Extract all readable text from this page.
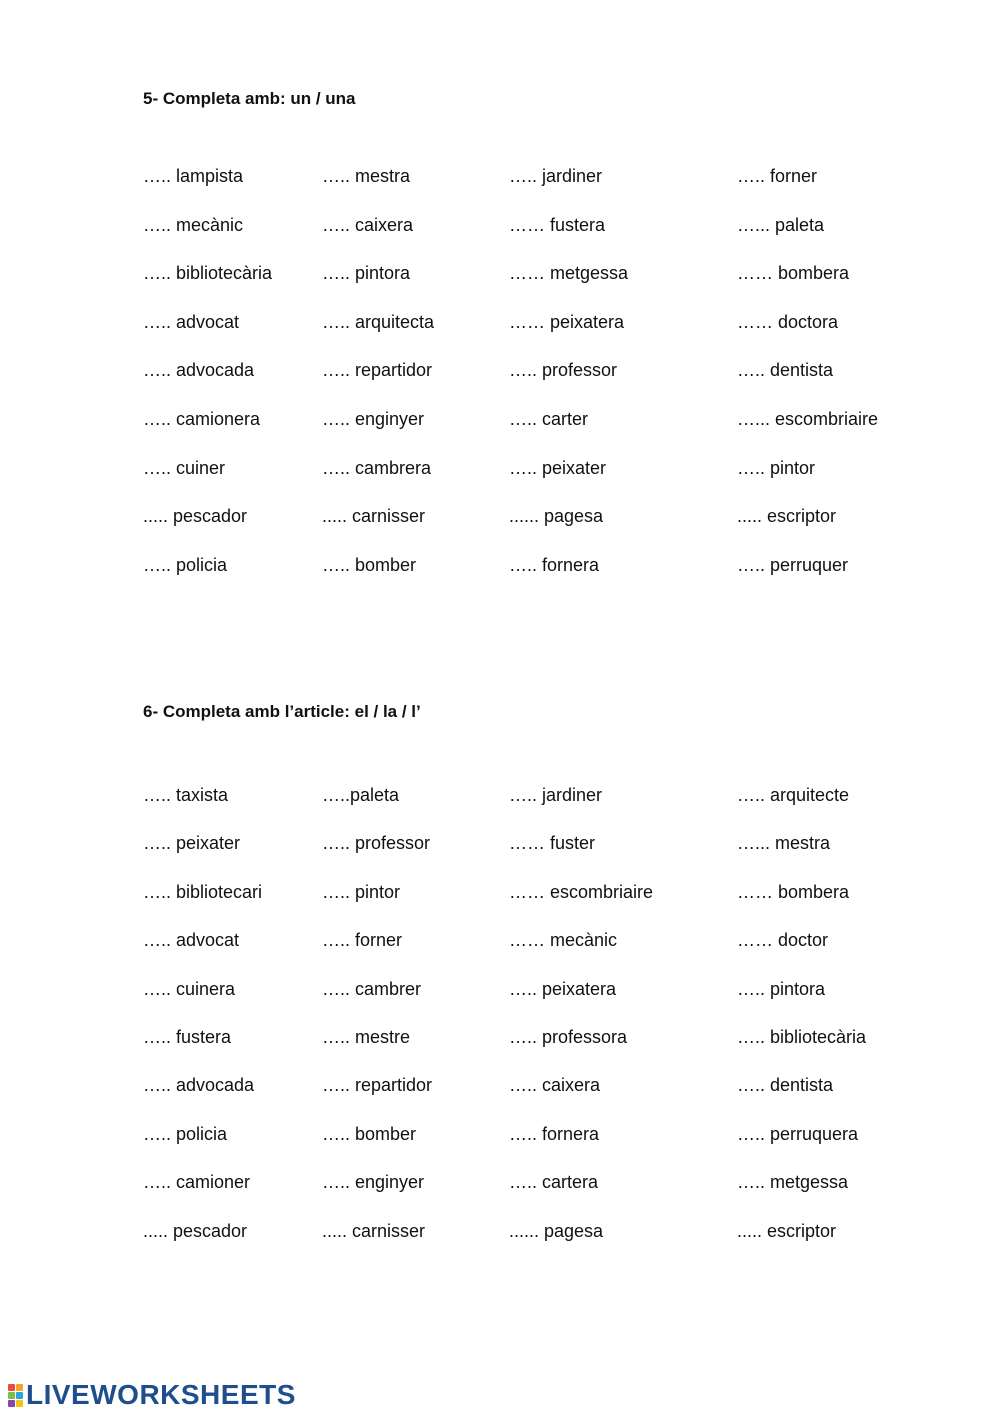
5- Completa amb: un / una
….. lampista	….. mestra	….. jardiner	….. forner
….. mecànic	….. caixera	…… fustera	…... paleta
….. bibliotecària	….. pintora	…… metgessa	…… bombera
….. advocat	….. arquitecta	…… peixatera	…… doctora
….. advocada	….. repartidor	….. professor	….. dentista
….. camionera	….. enginyer	….. carter	…... escombriaire
….. cuiner	….. cambrera	….. peixater	….. pintor
..... pescador	..... carnisser	...... pagesa	..... escriptor
….. policia	….. bomber	….. fornera	….. perruquer
6- Completa amb l’article: el / la / l’
….. taxista	…..paleta	….. jardiner	….. arquitecte
….. peixater	….. professor	…… fuster	…... mestra
….. bibliotecari	….. pintor	…… escombriaire	…… bombera
….. advocat	….. forner	…… mecànic	…… doctor
….. cuinera	….. cambrer	….. peixatera	….. pintora
….. fustera	….. mestre	….. professora	….. bibliotecària
….. advocada	….. repartidor	….. caixera	….. dentista
….. policia	….. bomber	….. fornera	….. perruquera
….. camioner	….. enginyer	….. cartera	….. metgessa
..... pescador	..... carnisser	...... pagesa	..... escriptor
LIVEWORKSHEETS
